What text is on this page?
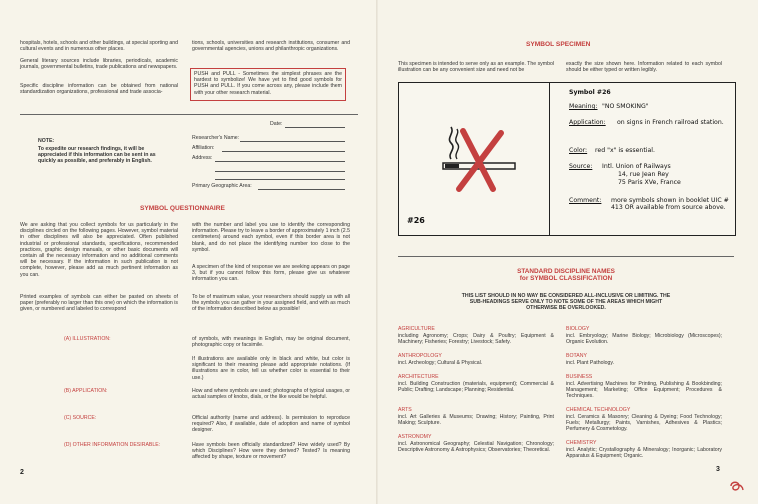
hospitals, hotels, schools and other buildings, at special sporting and cultural events and in numerous other places.
General literary sources include libraries, periodicals, academic journals, governmental bulletins, trade publications and newspapers.
Specific discipline information can be obtained from national standardization organizations, professional and trade associa-
tions, schools, universities and research institutions, consumer and governmental agencies, unions and philanthropic organizations.
PUSH and PULL - Sometimes the simplest phrases are the hardest to symbolize! We have yet to find good symbols for PUSH and PULL. If you come across any, please include them with your other research material.
NOTE:
To expedite our research findings, it will be appreciated if this information can be sent in as quickly as possible, and preferably in English.
Date:
Researcher's Name:
Affiliation:
Address:
Primary Geographic Area:
SYMBOL QUESTIONNAIRE
We are asking that you collect symbols for us particularly in the disciplines circled on the following pages. However, symbol material in other disciplines will also be appreciated. Often published industrial or professional standards, specifications, recommended practices, graphic design manuals, or other basic documents will contain all the necessary information and no additional comments will be necessary. If the information in such publication is not complete, however, please add as much pertinent information as you can.
Printed examples of symbols can either be pasted on sheets of paper (preferably no larger than this one) on which the information is given, or numbered and labeled to correspond
with the number and label you use to identify the corresponding information. Please try to leave a border of approximately 1 inch (2.5 centimeters) around each symbol, even if this border area is not blank, and do not place the identifying number too close to the symbol.
A specimen of the kind of response we are seeking appears on page 3, but if you cannot follow this form, please give us whatever information you can.
To be of maximum value, your researchers should supply us with all the symbols you can gather in your assigned field, and with as much of the information described below as possible!
(A) ILLUSTRATION:	of symbols, with meanings in English, may be original document, photographic copy or facsimile.
If illustrations are available only in black and white, but color is significant to their meaning please add appropriate notations. (If illustrations are in color, tell us whether color is essential to their use.)
(B) APPLICATION:	How and where symbols are used; photographs of typical usages, or actual samples of knobs, dials, or the like would be helpful.
(C) SOURCE:	Official authority (name and address). Is permission to reproduce required? Also, if available, date of adoption and name of symbol designer.
(D) OTHER INFORMATION DESIRABLE:	Have symbols been officially standardized? How widely used? By which Disciplines? How were they derived? Tested? Is meaning affected by shape, texture or movement?
2
SYMBOL SPECIMEN
This specimen is intended to serve only as an example. The symbol illustration can be any convenient size and need not be
exactly the size shown here. Information related to each symbol should be either typed or written legibly.
#26
Symbol #26
Meaning: "NO SMOKING"
Application: on signs in French railroad station.
Color: red "x" is essential.
Source: Intl. Union of Railways
14, rue Jean Rey
75 Paris XVe, France
Comment: more symbols shown in booklet UIC # 413 OR available from source above.
STANDARD DISCIPLINE NAMES
for SYMBOL CLASSIFICATION
THIS LIST SHOULD IN NO WAY BE CONSIDERED ALL-INCLUSIVE OR LIMITING. THE SUB-HEADINGS SERVE ONLY TO NOTE SOME OF THE AREAS WHICH MIGHT OTHERWISE BE OVERLOOKED.
AGRICULTURE
including Agronomy; Crops; Dairy & Poultry; Equipment & Machinery; Fisheries; Forestry; Livestock; Safety.
ANTHROPOLOGY
incl. Archeology; Cultural & Physical.
ARCHITECTURE
incl. Building Construction (materials, equipment); Commercial & Public; Drafting; Landscape; Planning; Residential.
ARTS
incl. Art Galleries & Museums; Drawing; History; Painting, Print Making; Sculpture.
ASTRONOMY
incl. Astronomical Geography; Celestial Navigation; Chronology; Descriptive Astronomy & Astrophysics; Observatories; Theoretical.
BIOLOGY
incl. Embryology; Marine Biology; Microbiology (Microscopes); Organic Evolution.
BOTANY
incl. Plant Pathology.
BUSINESS
incl. Advertising Machines for Printing, Publishing & Bookbinding; Management; Marketing; Office Equipment; Procedures & Techniques.
CHEMICAL TECHNOLOGY
incl. Ceramics & Masonry; Cleaning & Dyeing; Food Technology; Fuels; Metallurgy; Paints, Varnishes, Adhesives & Plastics; Perfumery & Cosmetology.
CHEMISTRY
incl. Analytic; Crystallography & Mineralogy; Inorganic; Laboratory Apparatus & Equipment; Organic.
3
